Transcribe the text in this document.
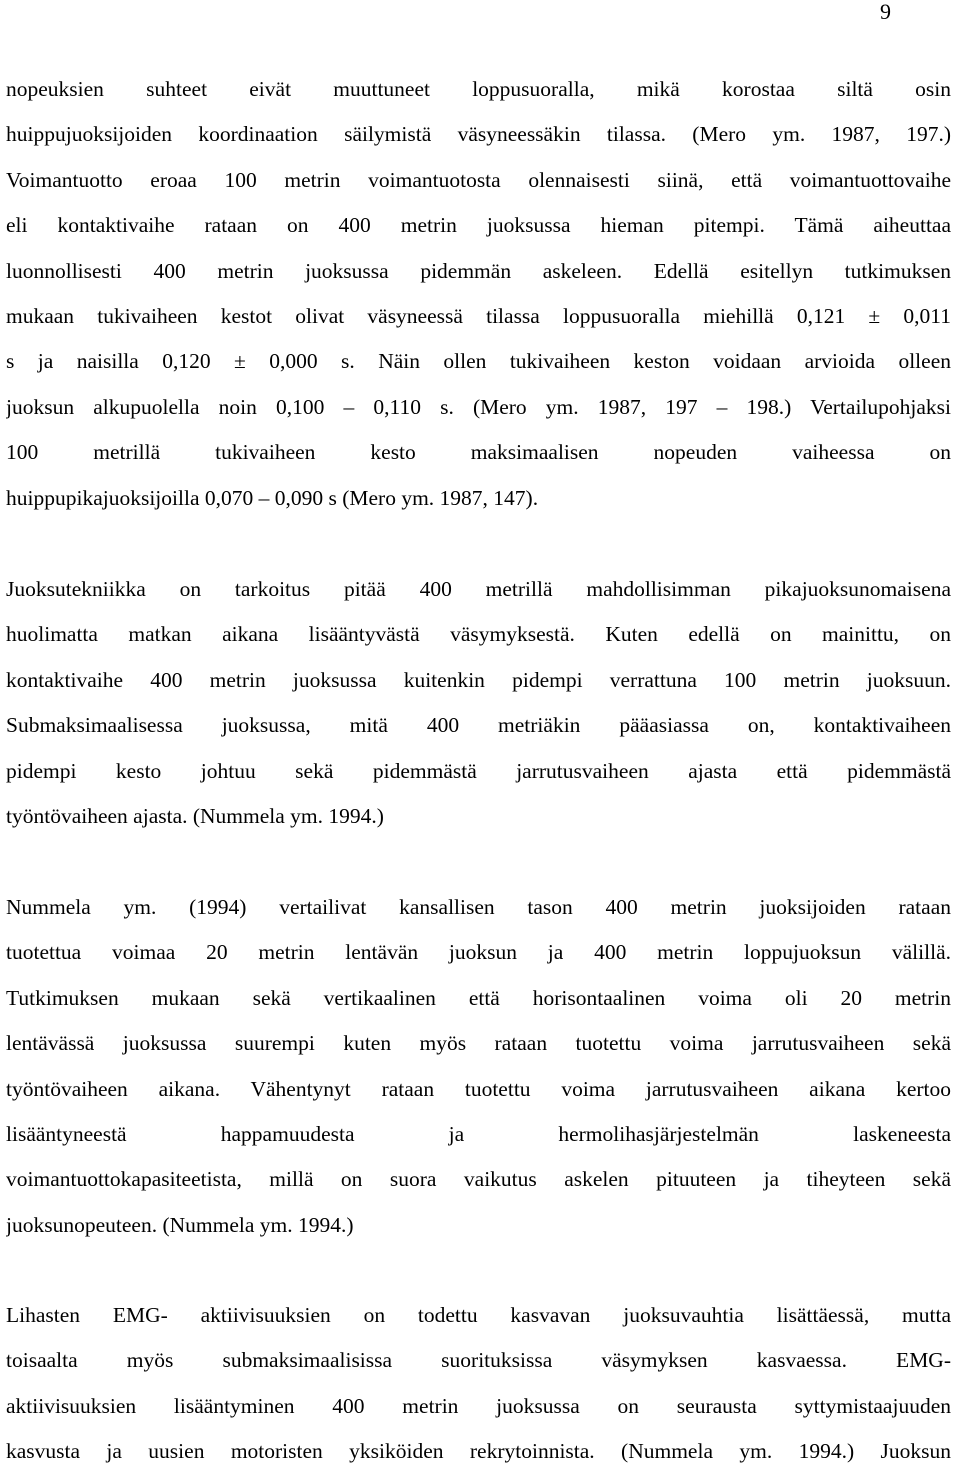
9
nopeuksien suhteet eivät muuttuneet loppusuoralla, mikä korostaa siltä osin
huippujuoksijoiden koordinaation säilymistä väsyneessäkin tilassa. (Mero ym. 1987, 197.)
Voimantuotto eroaa 100 metrin voimantuotosta olennaisesti siinä, että voimantuottovaihe
eli kontaktivaihe rataan on 400 metrin juoksussa hieman pitempi. Tämä aiheuttaa
luonnollisesti 400 metrin juoksussa pidemmän askeleen. Edellä esitellyn tutkimuksen
mukaan tukivaiheen kestot olivat väsyneessä tilassa loppusuoralla miehillä 0,121 ± 0,011
s ja naisilla 0,120 ± 0,000 s. Näin ollen tukivaiheen keston voidaan arvioida olleen
juoksun alkupuolella noin 0,100 – 0,110 s. (Mero ym. 1987, 197 – 198.) Vertailupohjaksi
100 metrillä tukivaiheen kesto maksimaalisen nopeuden vaiheessa on
huippupikajuoksijoilla 0,070 – 0,090 s (Mero ym. 1987, 147).
Juoksutekniikka on tarkoitus pitää 400 metrillä mahdollisimman pikajuoksunomaisena
huolimatta matkan aikana lisääntyvästä väsymyksestä. Kuten edellä on mainittu, on
kontaktivaihe 400 metrin juoksussa kuitenkin pidempi verrattuna 100 metrin juoksuun.
Submaksimaalisessa juoksussa, mitä 400 metriäkin pääasiassa on, kontaktivaiheen
pidempi kesto johtuu sekä pidemmästä jarrutusvaiheen ajasta että pidemmästä
työntövaiheen ajasta. (Nummela ym. 1994.)
Nummela ym. (1994) vertailivat kansallisen tason 400 metrin juoksijoiden rataan
tuotettua voimaa 20 metrin lentävän juoksun ja 400 metrin loppujuoksun välillä.
Tutkimuksen mukaan sekä vertikaalinen että horisontaalinen voima oli 20 metrin
lentävässä juoksussa suurempi kuten myös rataan tuotettu voima jarrutusvaiheen sekä
työntövaiheen aikana. Vähentynyt rataan tuotettu voima jarrutusvaiheen aikana kertoo
lisääntyneestä happamuudesta ja hermolihasjärjestelmän laskeneesta
voimantuottokapasiteetista, millä on suora vaikutus askelen pituuteen ja tiheyteen sekä
juoksunopeuteen. (Nummela ym. 1994.)
Lihasten EMG- aktiivisuuksien on todettu kasvavan juoksuvauhtia lisättäessä, mutta
toisaalta myös submaksimaalisissa suorituksissa väsymyksen kasvaessa. EMG-
aktiivisuuksien lisääntyminen 400 metrin juoksussa on seurausta syttymistaajuuden
kasvusta ja uusien motoristen yksiköiden rekrytoinnista. (Nummela ym. 1994.) Juoksun
